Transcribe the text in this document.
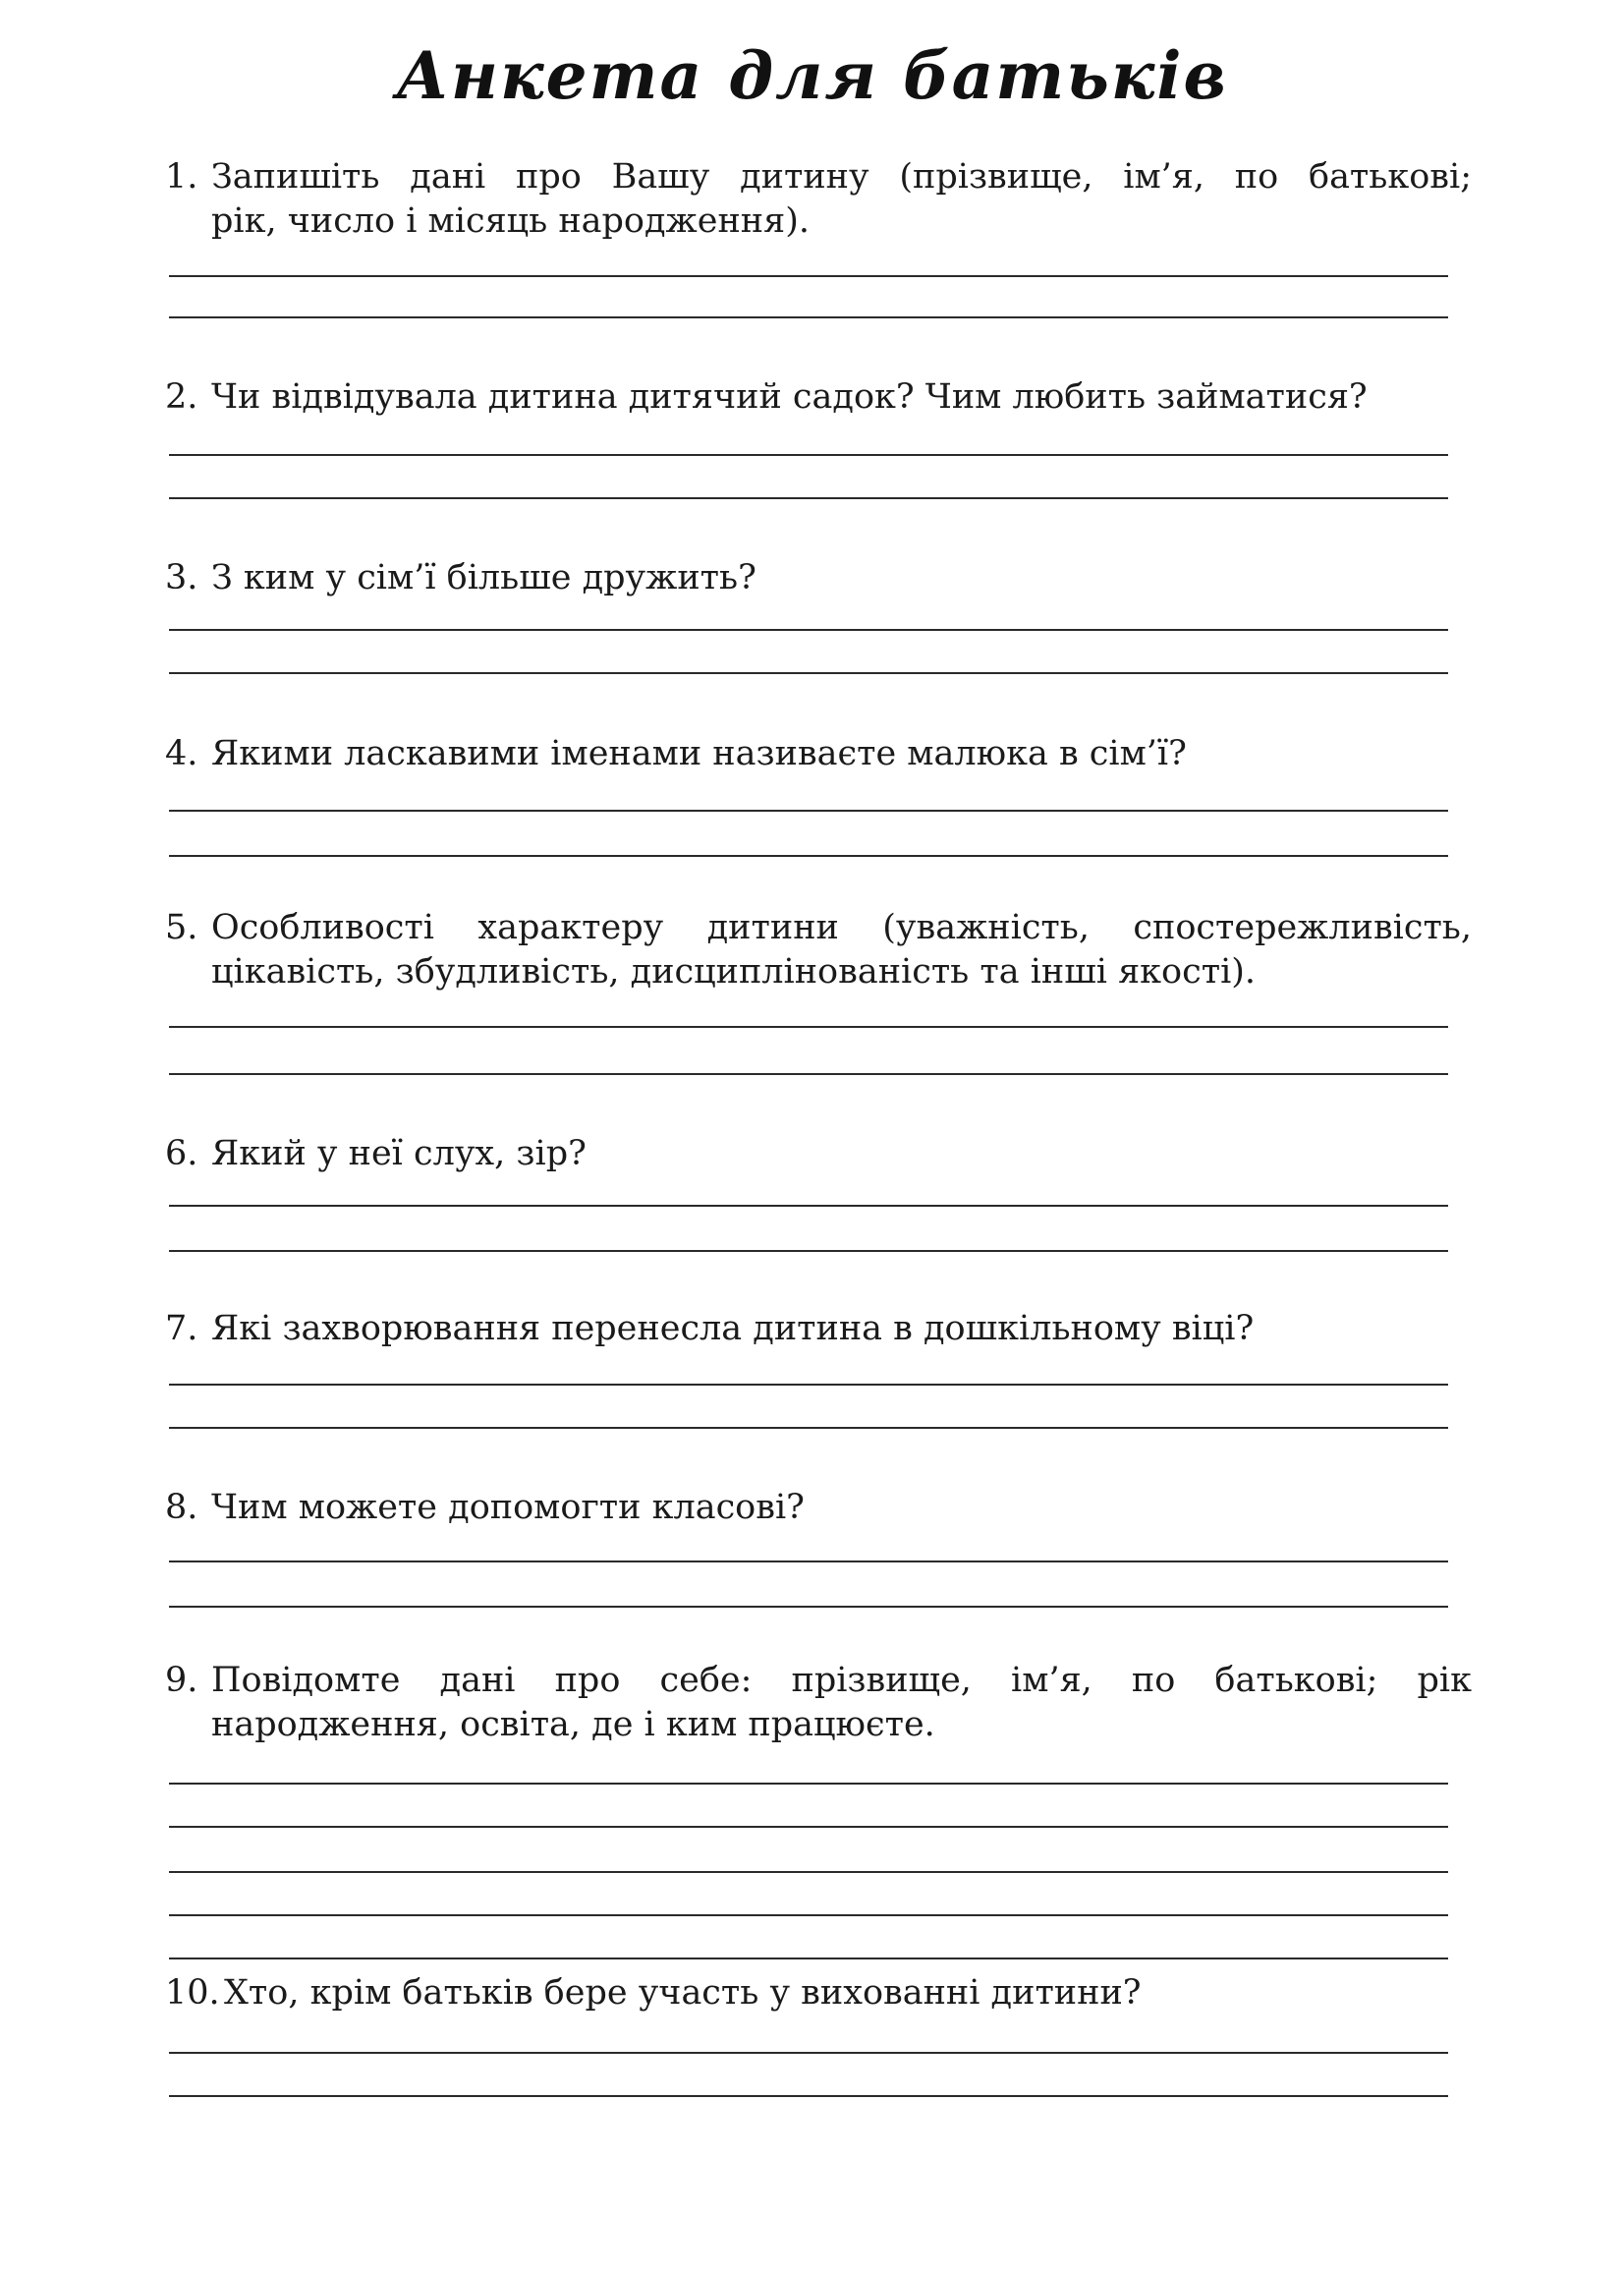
Анкета для батьків
1. Запишіть дані про Вашу дитину (прізвище, ім’я, по батькові;
рік, число і місяць народження).
2. Чи відвідувала дитина дитячий садок? Чим любить займатися?
3. З ким у сім’ї більше дружить?
4. Якими ласкавими іменами називаєте малюка в сім’ї?
5. Особливості характеру дитини (уважність, спостережливість,
цікавість, збудливість, дисциплінованість та інші якості).
6. Який у неї слух, зір?
7. Які захворювання перенесла дитина в дошкільному віці?
8. Чим можете допомогти класові?
9. Повідомте дані про себе: прізвище, ім’я, по батькові; рік
народження, освіта, де і ким працюєте.
10. Хто, крім батьків бере участь у вихованні дитини?
